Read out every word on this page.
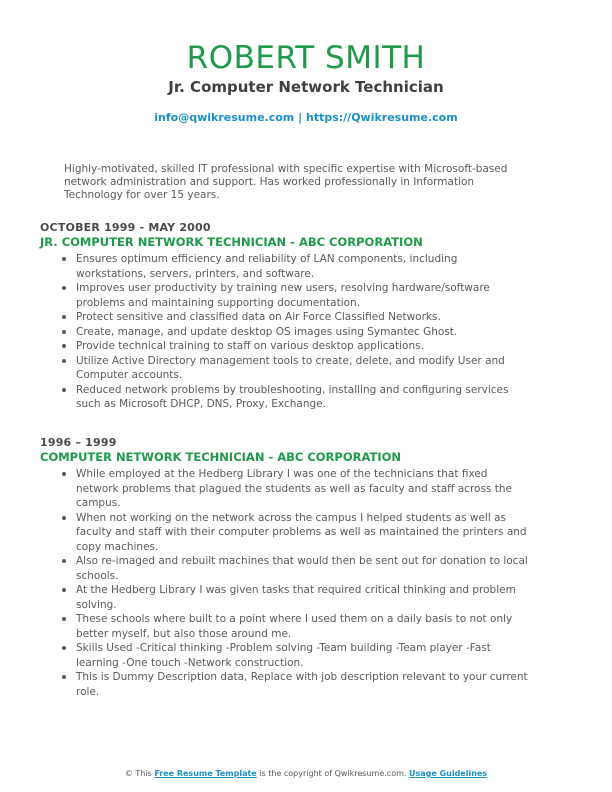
ROBERT SMITH
Jr. Computer Network Technician
info@qwikresume.com | https://Qwikresume.com
Highly-motivated, skilled IT professional with specific expertise with Microsoft-based network administration and support. Has worked professionally in Information Technology for over 15 years.
OCTOBER 1999 - MAY 2000
JR. COMPUTER NETWORK TECHNICIAN - ABC CORPORATION
Ensures optimum efficiency and reliability of LAN components, including workstations, servers, printers, and software.
Improves user productivity by training new users, resolving hardware/software problems and maintaining supporting documentation.
Protect sensitive and classified data on Air Force Classified Networks.
Create, manage, and update desktop OS images using Symantec Ghost.
Provide technical training to staff on various desktop applications.
Utilize Active Directory management tools to create, delete, and modify User and Computer accounts.
Reduced network problems by troubleshooting, installing and configuring services such as Microsoft DHCP, DNS, Proxy, Exchange.
1996 – 1999
COMPUTER NETWORK TECHNICIAN - ABC CORPORATION
While employed at the Hedberg Library I was one of the technicians that fixed network problems that plagued the students as well as faculty and staff across the campus.
When not working on the network across the campus I helped students as well as faculty and staff with their computer problems as well as maintained the printers and copy machines.
Also re-imaged and rebuilt machines that would then be sent out for donation to local schools.
At the Hedberg Library I was given tasks that required critical thinking and problem solving.
These schools where built to a point where I used them on a daily basis to not only better myself, but also those around me.
Skills Used -Critical thinking -Problem solving -Team building -Team player -Fast learning -One touch -Network construction.
This is Dummy Description data, Replace with job description relevant to your current role.
© This Free Resume Template is the copyright of Qwikresume.com. Usage Guidelines
